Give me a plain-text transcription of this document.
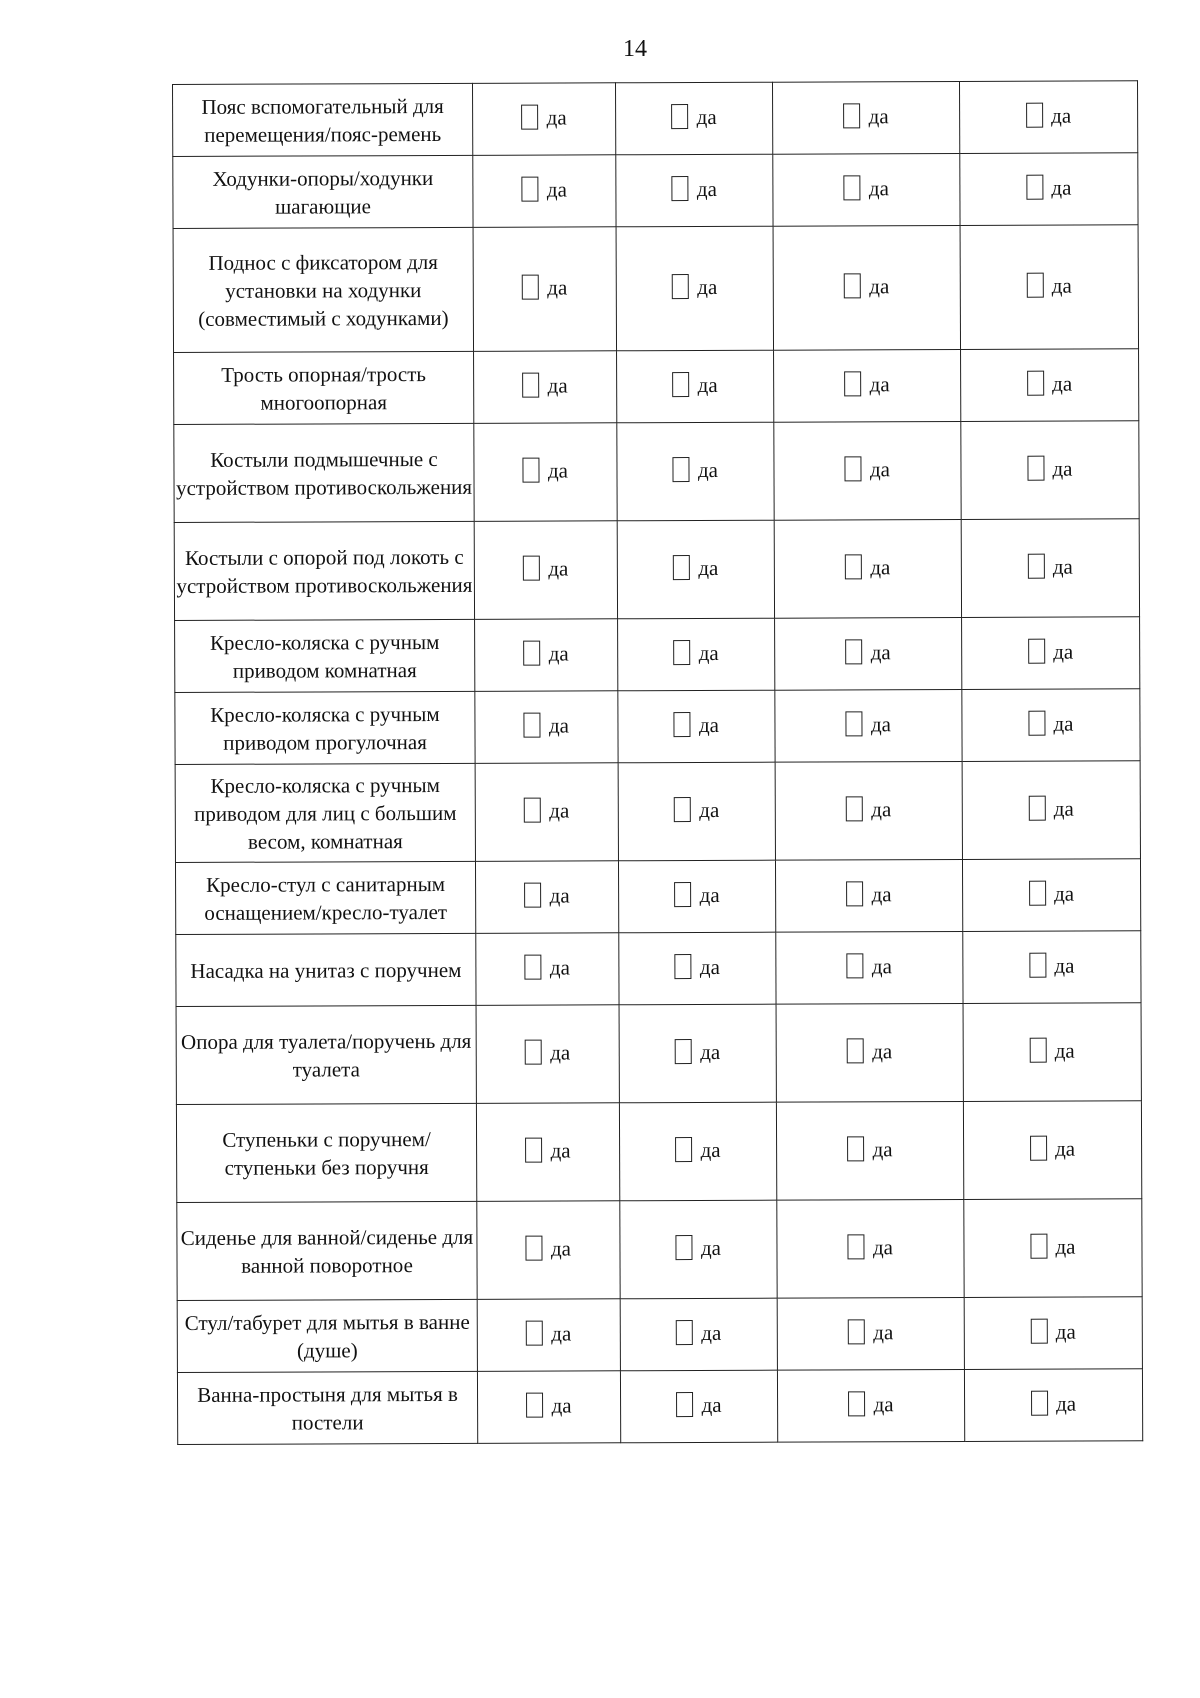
14
Пояс вспомогательный для перемещения/пояс-ремень	да	да	да	да

Ходунки-опоры/ходунки шагающие	да	да	да	да

Поднос с фиксатором для установки на ходунки (совместимый с ходунками)	да	да	да	да

Трость опорная/трость многоопорная	да	да	да	да

Костыли подмышечные с устройством противоскольжения	да	да	да	да

Костыли с опорой под локоть с устройством противоскольжения	да	да	да	да

Кресло-коляска с ручным приводом комнатная	да	да	да	да

Кресло-коляска с ручным приводом прогулочная	да	да	да	да

Кресло-коляска с ручным приводом для лиц с большим весом, комнатная	да	да	да	да

Кресло-стул с санитарным оснащением/кресло-туалет	да	да	да	да

Насадка на унитаз с поручнем	да	да	да	да

Опора для туалета/поручень для туалета	да	да	да	да

Ступеньки с поручнем/ступеньки без поручня	да	да	да	да

Сиденье для ванной/сиденье для ванной поворотное	да	да	да	да

Стул/табурет для мытья в ванне (душе)	да	да	да	да

Ванна-простыня для мытья в постели	да	да	да	да
